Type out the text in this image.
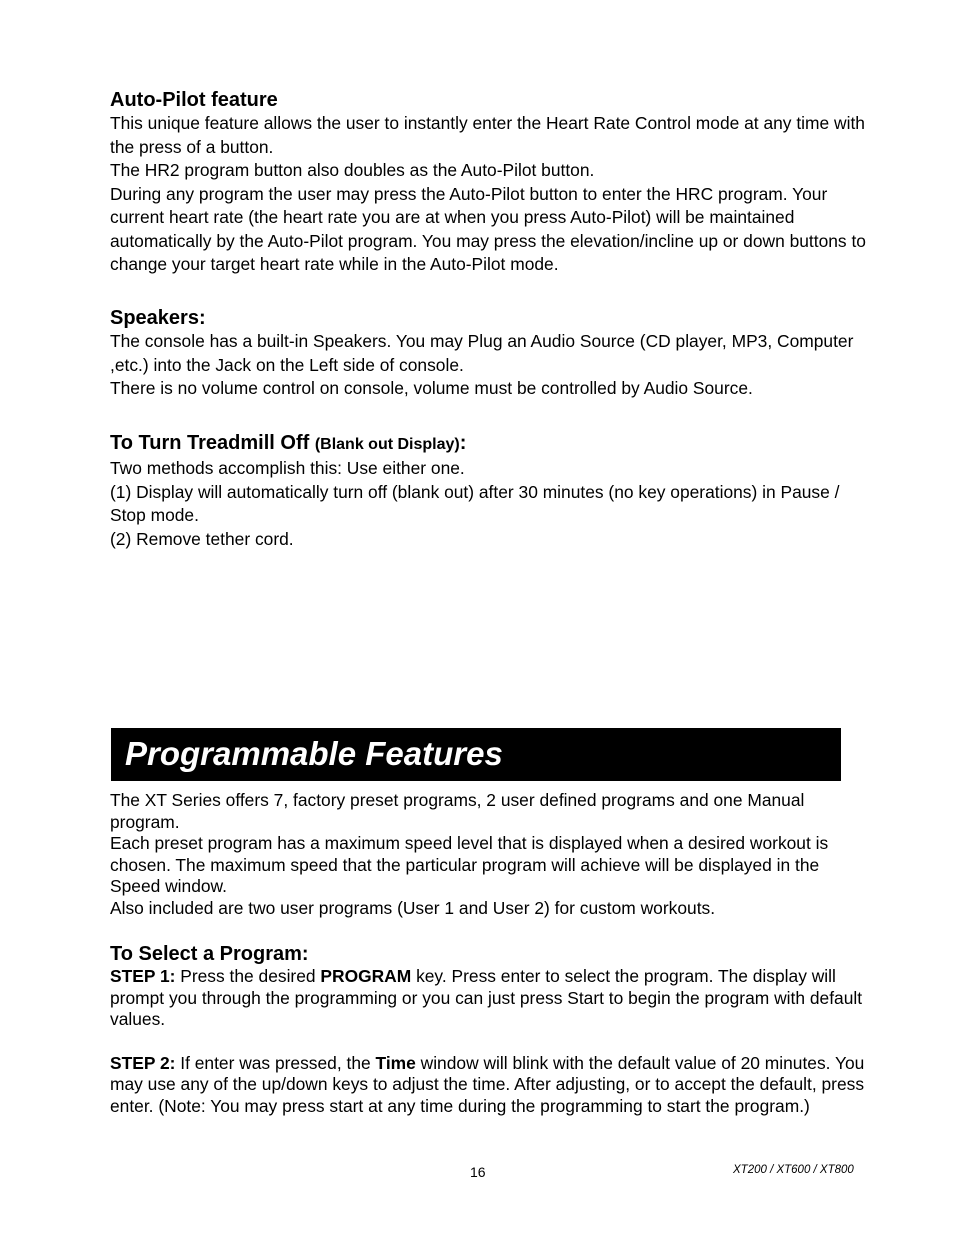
Auto-Pilot feature

This unique feature allows the user to instantly enter the Heart Rate Control mode at any time with the press of a button.

The HR2 program button also doubles as the Auto-Pilot button.

During any program the user may press the Auto-Pilot button to enter the HRC program. Your current heart rate (the heart rate you are at when you press Auto-Pilot) will be maintained automatically by the Auto-Pilot program. You may press the elevation/incline up or down buttons to change your target heart rate while in the Auto-Pilot mode.

Speakers:

The console has a built-in Speakers. You may Plug an Audio Source (CD player, MP3, Computer ,etc.) into the Jack on the Left side of console.

There is no volume control on console, volume must be controlled by Audio Source.

To Turn Treadmill Off (Blank out Display):

Two methods accomplish this: Use either one.

(1) Display will automatically turn off (blank out) after 30 minutes (no key operations) in Pause / Stop mode.

(2) Remove tether cord.

Programmable Features

The XT Series offers 7, factory preset programs, 2 user defined programs and one Manual program.

Each preset program has a maximum speed level that is displayed when a desired workout is chosen. The maximum speed that the particular program will achieve will be displayed in the Speed window.

Also included are two user programs (User 1 and User 2) for custom workouts.

To Select a Program:

STEP 1: Press the desired PROGRAM key. Press enter to select the program. The display will prompt you through the programming or you can just press Start to begin the program with default values.

STEP 2: If enter was pressed, the Time window will blink with the default value of 20 minutes. You may use any of the up/down keys to adjust the time. After adjusting, or to accept the default, press enter. (Note: You may press start at any time during the programming to start the program.)

16	XT200 / XT600 / XT800
